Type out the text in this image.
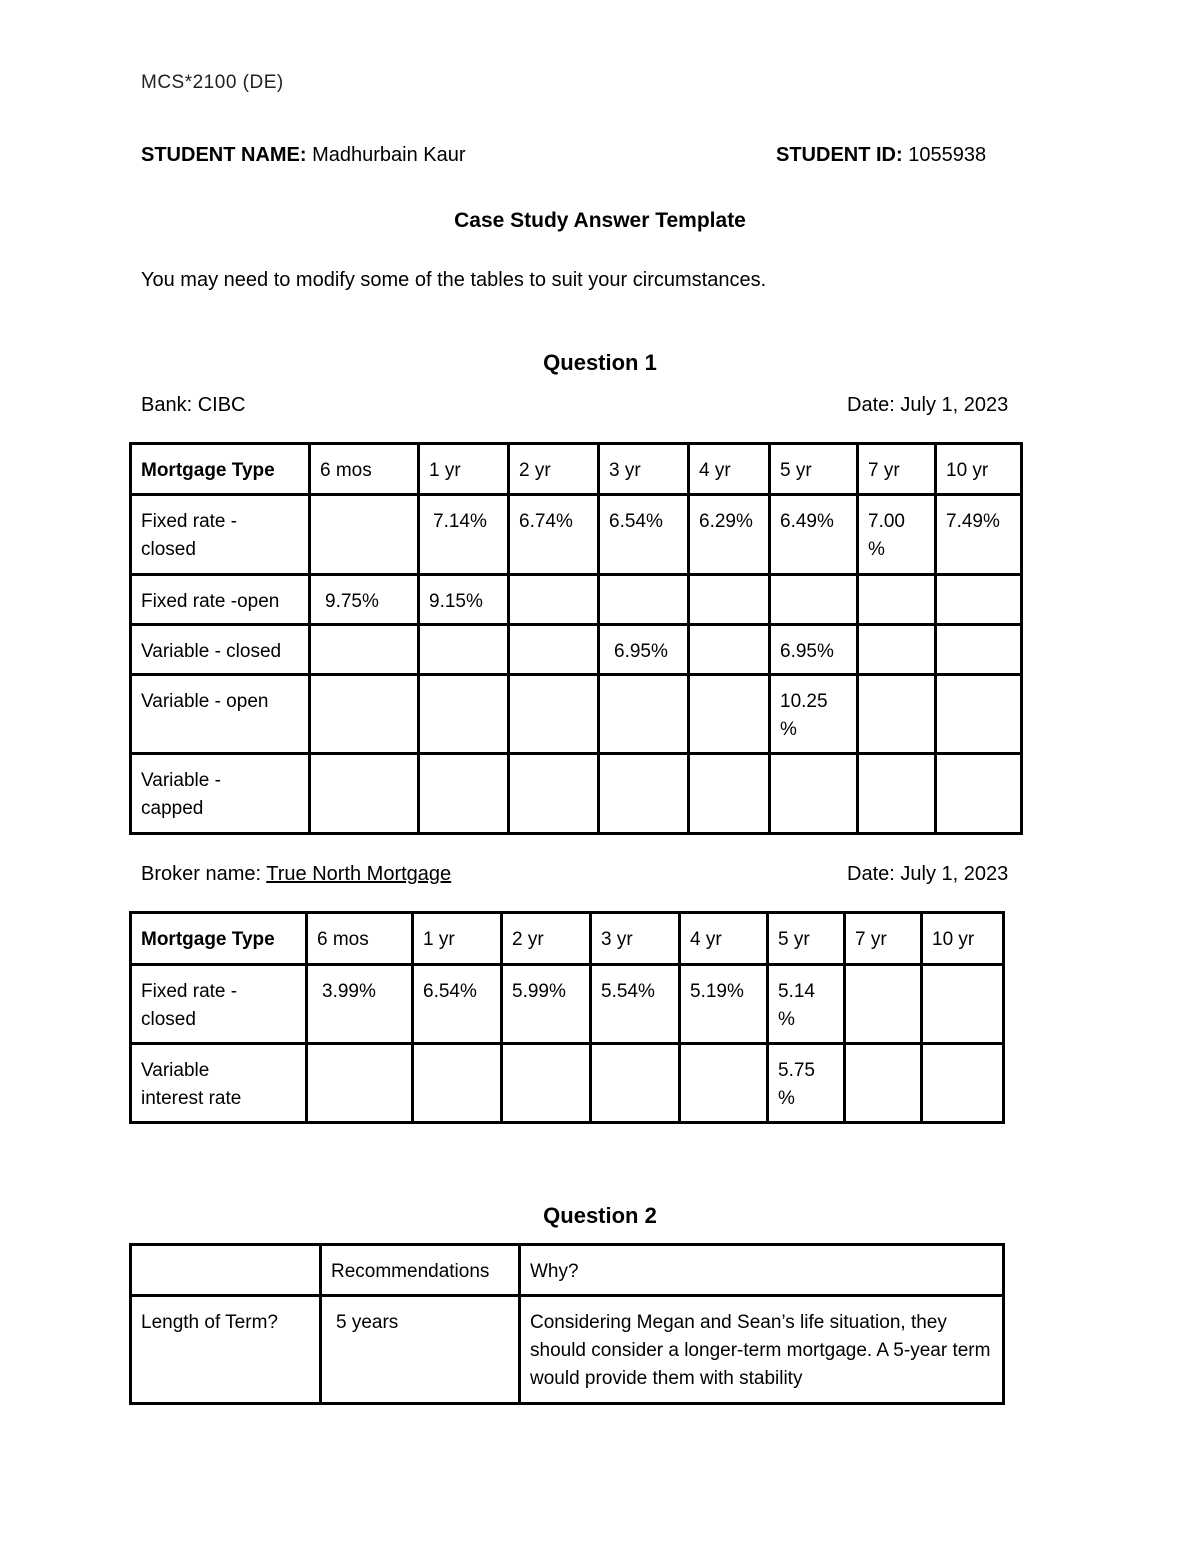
MCS*2100 (DE)
STUDENT NAME: Madhurbain Kaur	STUDENT ID: 1055938
Case Study Answer Template
You may need to modify some of the tables to suit your circumstances.
Question 1
Bank: CIBC	Date: July 1, 2023
Mortgage Type	6 mos	1 yr	2 yr	3 yr	4 yr	5 yr	7 yr	10 yr
Fixed rate - closed		7.14%	6.74%	6.54%	6.29%	6.49%	7.00 %	7.49%
Fixed rate -open	9.75%	9.15%						
Variable - closed				6.95%		6.95%		
Variable - open						10.25 %		
Variable - capped								
Broker name: True North Mortgage	Date: July 1, 2023
Mortgage Type	6 mos	1 yr	2 yr	3 yr	4 yr	5 yr	7 yr	10 yr
Fixed rate - closed	3.99%	6.54%	5.99%	5.54%	5.19%	5.14 %		
Variable interest rate						5.75 %		
Question 2
	Recommendations	Why?
Length of Term?	5 years	Considering Megan and Sean’s life situation, they should consider a longer-term mortgage. A 5-year term would provide them with stability
